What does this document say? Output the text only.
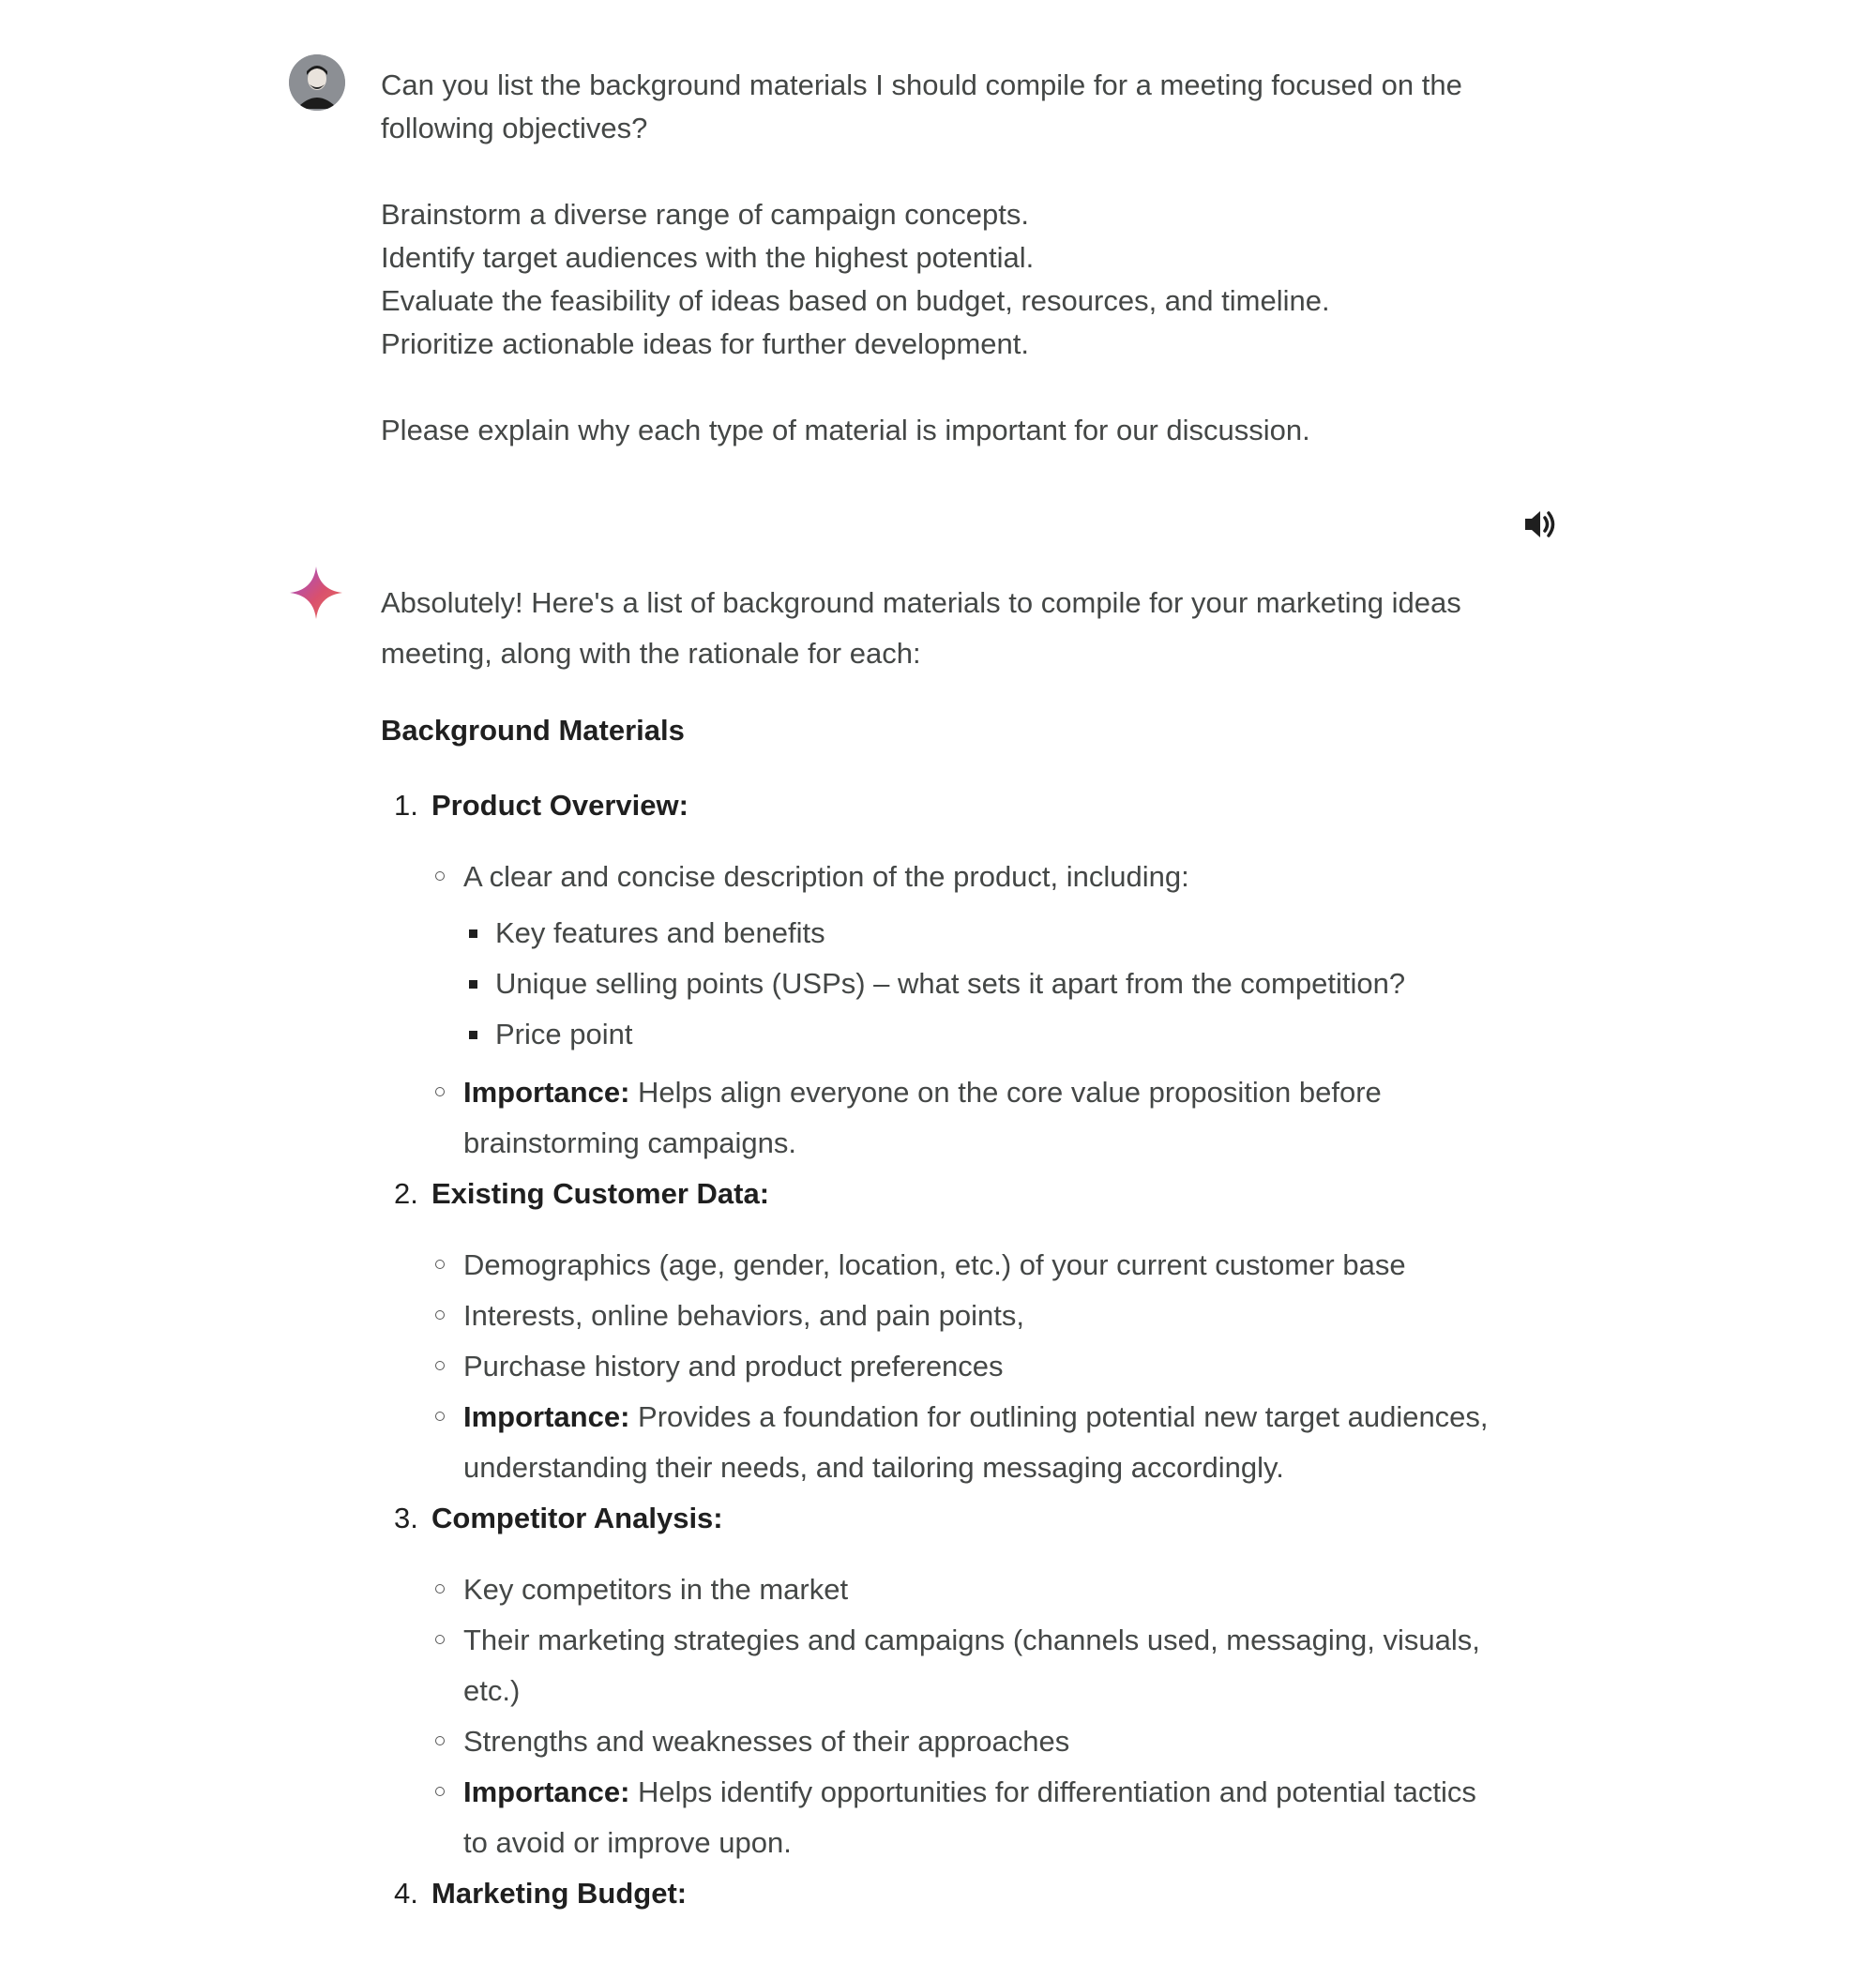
Can you list the background materials I should compile for a meeting focused on the

following objectives?

Brainstorm a diverse range of campaign concepts.

Identify target audiences with the highest potential.

Evaluate the feasibility of ideas based on budget, resources, and timeline.

Prioritize actionable ideas for further development.

Please explain why each type of material is important for our discussion.

Absolutely! Here's a list of background materials to compile for your marketing ideas

meeting, along with the rationale for each:

Background Materials
1. Product Overview:
A clear and concise description of the product, including:
Key features and benefits
Unique selling points (USPs) – what sets it apart from the competition?
Price point
Importance: Helps align everyone on the core value proposition before brainstorming campaigns.
2. Existing Customer Data:
Demographics (age, gender, location, etc.) of your current customer base
Interests, online behaviors, and pain points,
Purchase history and product preferences
Importance: Provides a foundation for outlining potential new target audiences, understanding their needs, and tailoring messaging accordingly.
3. Competitor Analysis:
Key competitors in the market
Their marketing strategies and campaigns (channels used, messaging, visuals, etc.)
Strengths and weaknesses of their approaches
Importance: Helps identify opportunities for differentiation and potential tactics to avoid or improve upon.
4. Marketing Budget:
